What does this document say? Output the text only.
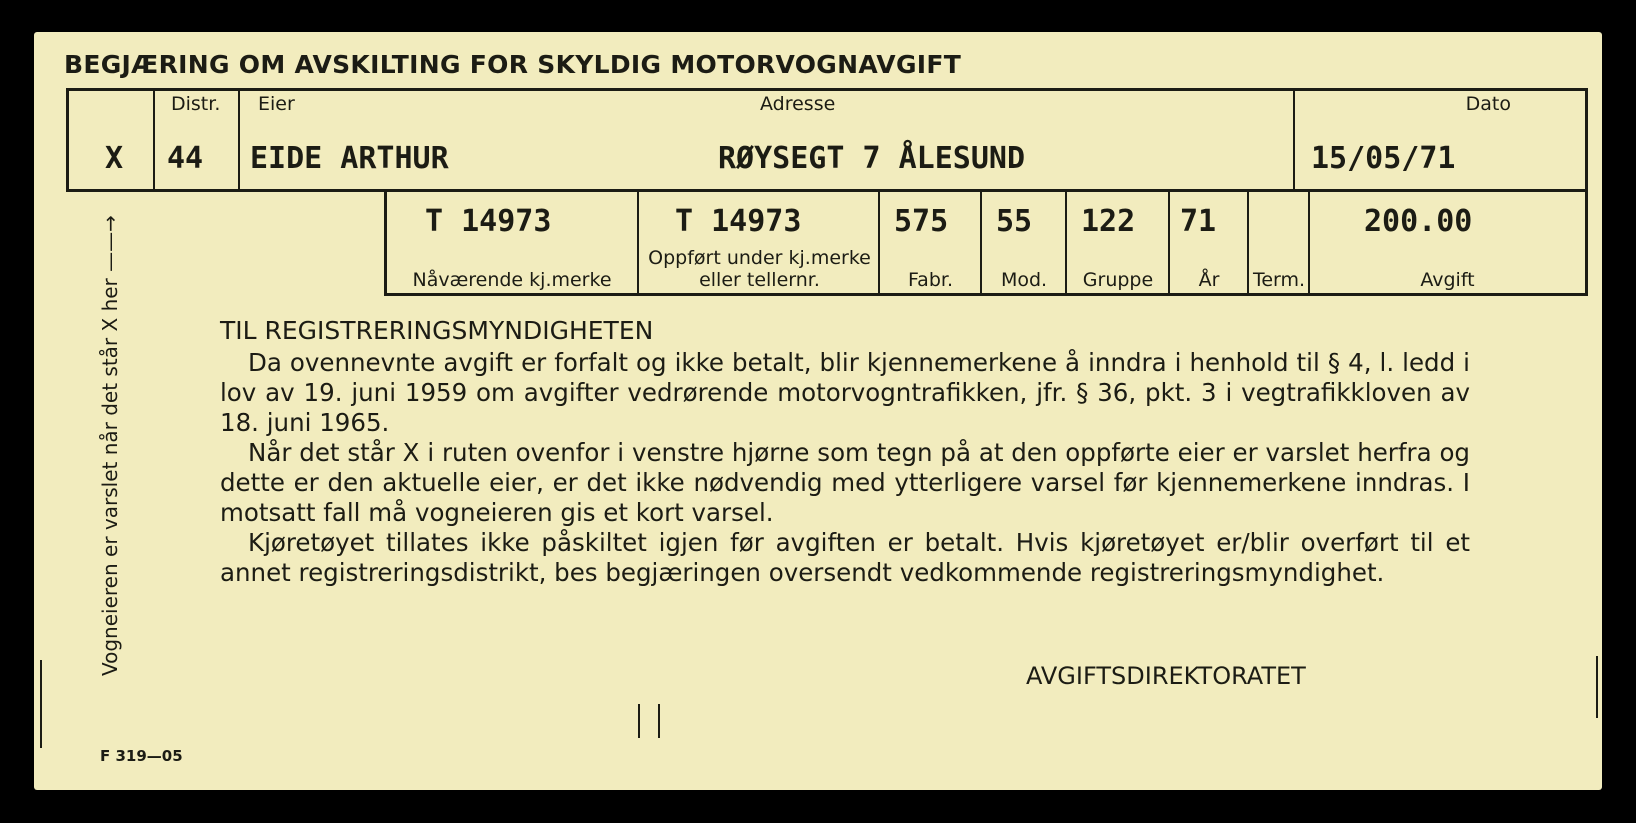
BEGJÆRING OM AVSKILTING FOR SKYLDIG MOTORVOGNAVGIFT
X
Distr.
44
Eier
EIDE ARTHUR
Adresse
RØYSEGT 7 ÅLESUND
Dato
15/05/71
T 14973
Nåværende kj.merke
T 14973
Oppført under kj.merke
eller tellernr.
575
Fabr.
55
Mod.
122
Gruppe
71
År	Term.
200.00
Avgift
Vogneieren er varslet når det står X her ——→	TIL REGISTRERINGSMYNDIGHETEN

Da ovennevnte avgift er forfalt og ikke betalt, blir kjennemerkene å inndra i henhold til § 4, l. ledd i lov av 19. juni 1959 om avgifter vedrørende motorvogntrafikken, jfr. § 36, pkt. 3 i vegtrafikkloven av 18. juni 1965.

Når det står X i ruten ovenfor i venstre hjørne som tegn på at den oppførte eier er varslet herfra og dette er den aktuelle eier, er det ikke nødvendig med ytterligere varsel før kjennemerkene inndras. I motsatt fall må vogneieren gis et kort varsel.

Kjøretøyet tillates ikke påskiltet igjen før avgiften er betalt. Hvis kjøretøyet er/blir overført til et annet registreringsdistrikt, bes begjæringen oversendt vedkommende registreringsmyndighet.

AVGIFTSDIREKTORATET
F 319—05
